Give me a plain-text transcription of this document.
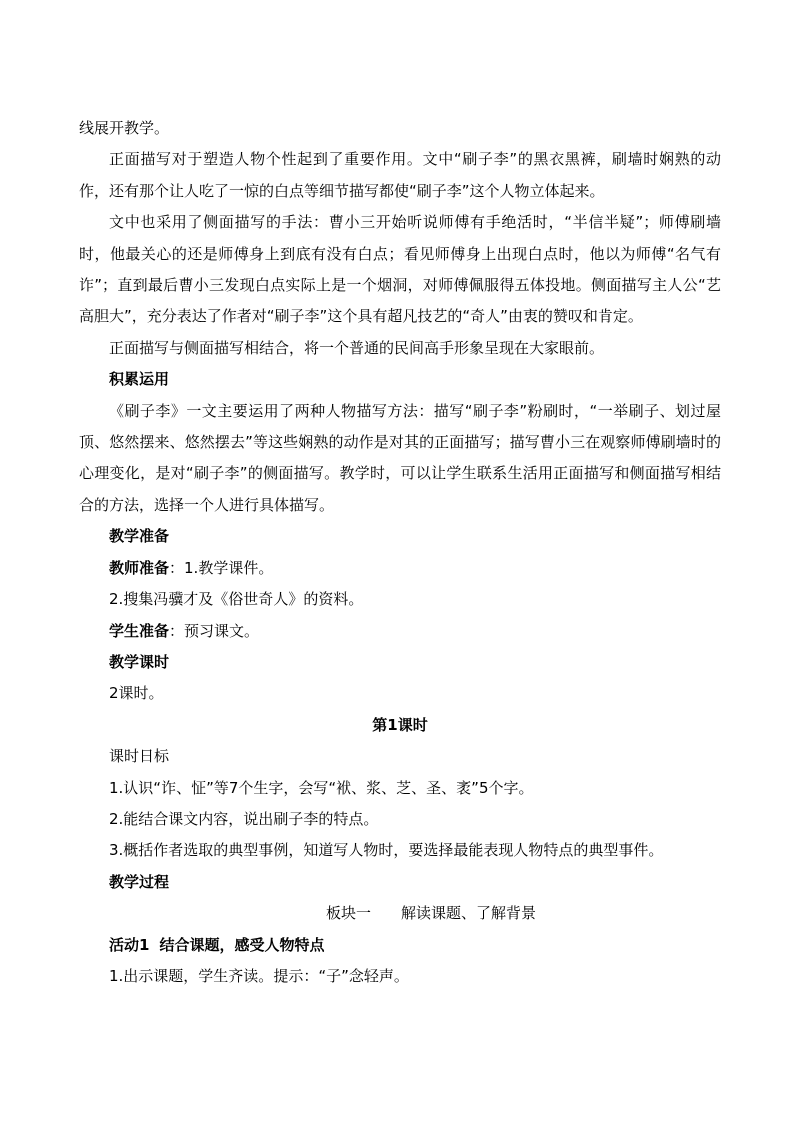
线展开教学。

正面描写对于塑造人物个性起到了重要作用。文中“刷子李”的黑衣黑裤，刷墙时娴熟的动作，还有那个让人吃了一惊的白点等细节描写都使“刷子李”这个人物立体起来。

文中也采用了侧面描写的手法：曹小三开始听说师傅有手绝活时，“半信半疑”；师傅刷墙时，他最关心的还是师傅身上到底有没有白点；看见师傅身上出现白点时，他以为师傅“名气有诈”；直到最后曹小三发现白点实际上是一个烟洞，对师傅佩服得五体投地。侧面描写主人公“艺高胆大”，充分表达了作者对“刷子李”这个具有超凡技艺的“奇人”由衷的赞叹和肯定。

正面描写与侧面描写相结合，将一个普通的民间高手形象呈现在大家眼前。

积累运用

《刷子李》一文主要运用了两种人物描写方法：描写“刷子李”粉刷时，“一举刷子、划过屋顶、悠然摆来、悠然摆去”等这些娴熟的动作是对其的正面描写；描写曹小三在观察师傅刷墙时的心理变化，是对“刷子李”的侧面描写。教学时，可以让学生联系生活用正面描写和侧面描写相结合的方法，选择一个人进行具体描写。

教学准备

教师准备：1.教学课件。

2.搜集冯骥才及《俗世奇人》的资料。

学生准备：预习课文。

教学课时

2课时。

第1课时

课时日标

1.认识“诈、怔”等7个生字，会写“袱、浆、芝、圣、袤”5个字。

2.能结合课文内容，说出刷子李的特点。

3.概括作者选取的典型事例，知道写人物时，要选择最能表现人物特点的典型事件。

教学过程

板块一 解读课题、了解背景

活动1 结合课题，感受人物特点

1.出示课题，学生齐读。提示：“子”念轻声。
